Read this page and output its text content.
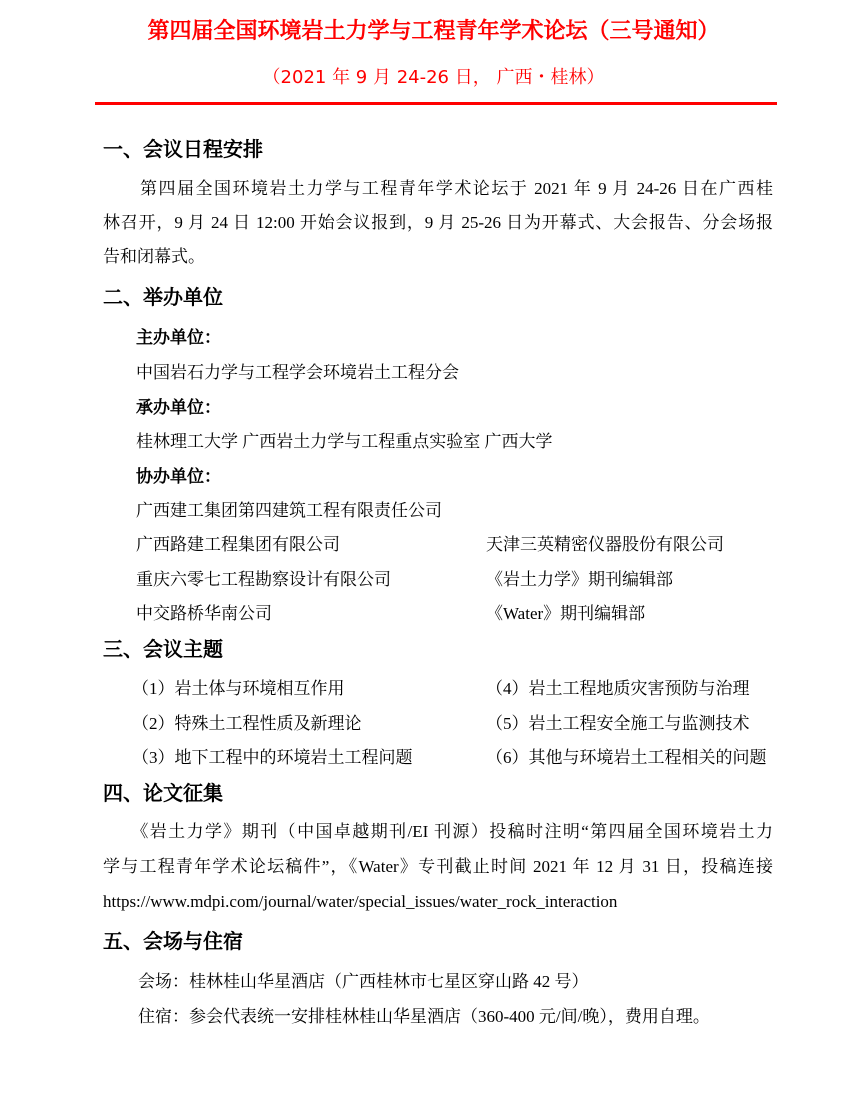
第四届全国环境岩土力学与工程青年学术论坛（三号通知）
（2021 年 9 月 24-26 日， 广西・桂林）
一、会议日程安排
　　第四届全国环境岩土力学与工程青年学术论坛于 2021 年 9 月 24-26 日在广西桂
林召开，9 月 24 日 12:00 开始会议报到，9 月 25-26 日为开幕式、大会报告、分会场报
告和闭幕式。
二、举办单位
主办单位：
中国岩石力学与工程学会环境岩土工程分会
承办单位：
桂林理工大学 广西岩土力学与工程重点实验室 广西大学
协办单位：
广西建工集团第四建筑工程有限责任公司
广西路建工程集团有限公司	天津三英精密仪器股份有限公司
重庆六零七工程勘察设计有限公司	《岩土力学》期刊编辑部
中交路桥华南公司	《Water》期刊编辑部
三、会议主题
（1）岩土体与环境相互作用	（4）岩土工程地质灾害预防与治理
（2）特殊土工程性质及新理论	（5）岩土工程安全施工与监测技术
（3）地下工程中的环境岩土工程问题	（6）其他与环境岩土工程相关的问题
四、论文征集
　　《岩土力学》期刊（中国卓越期刊/EI 刊源）投稿时注明“第四届全国环境岩土力
学与工程青年学术论坛稿件”，《Water》专刊截止时间 2021 年 12 月 31 日，投稿连接
https://www.mdpi.com/journal/water/special_issues/water_rock_interaction
五、会场与住宿
会场：桂林桂山华星酒店（广西桂林市七星区穿山路 42 号）
住宿：参会代表统一安排桂林桂山华星酒店（360-400 元/间/晚），费用自理。
